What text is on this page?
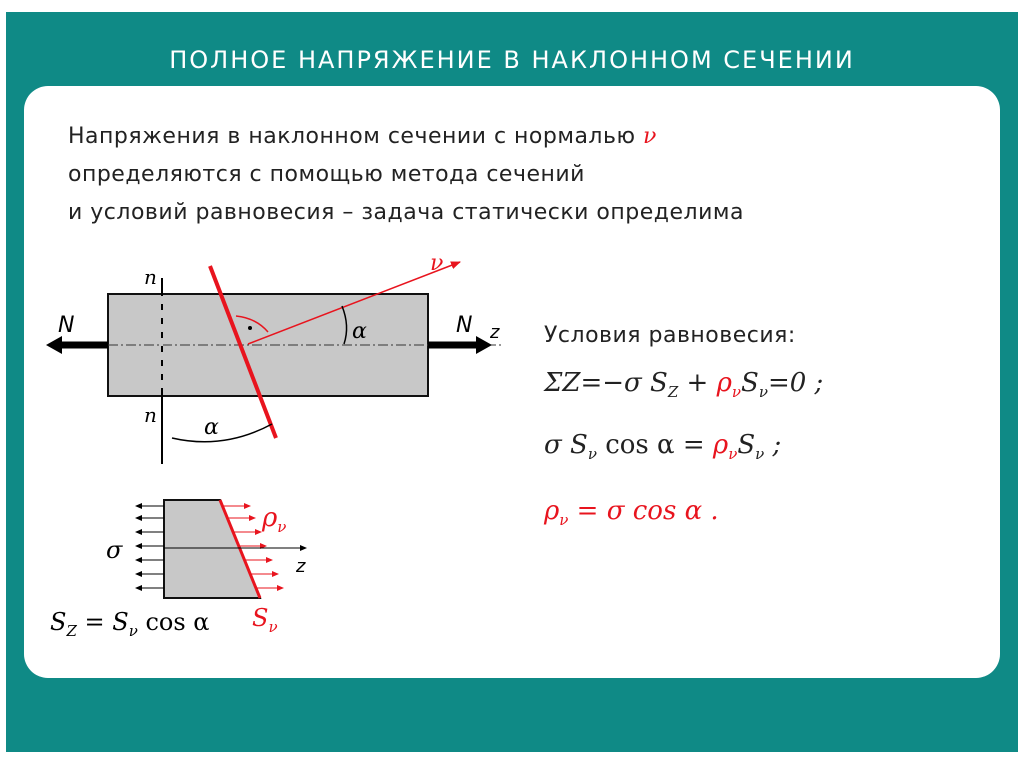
ПОЛНОЕ НАПРЯЖЕНИЕ В НАКЛОННОМ СЕЧЕНИИ
Напряжения в наклонном сечении с нормалью ν
определяются с помощью метода сечений
и условий равновесия – задача статически определима
n
n
N	N z
ν
α
α
σ
z
$\rho_\nu$
$S_\nu$
$S_Z = S_\nu$ cos α
Условия равновесия:
ΣZ=−σ $S_Z + \rho_\nu S_\nu=0$ ;
σ $S_\nu$ $\cos \alpha = \rho_\nu S_\nu$ ;
$\rho_\nu = \sigma$ cos α .
